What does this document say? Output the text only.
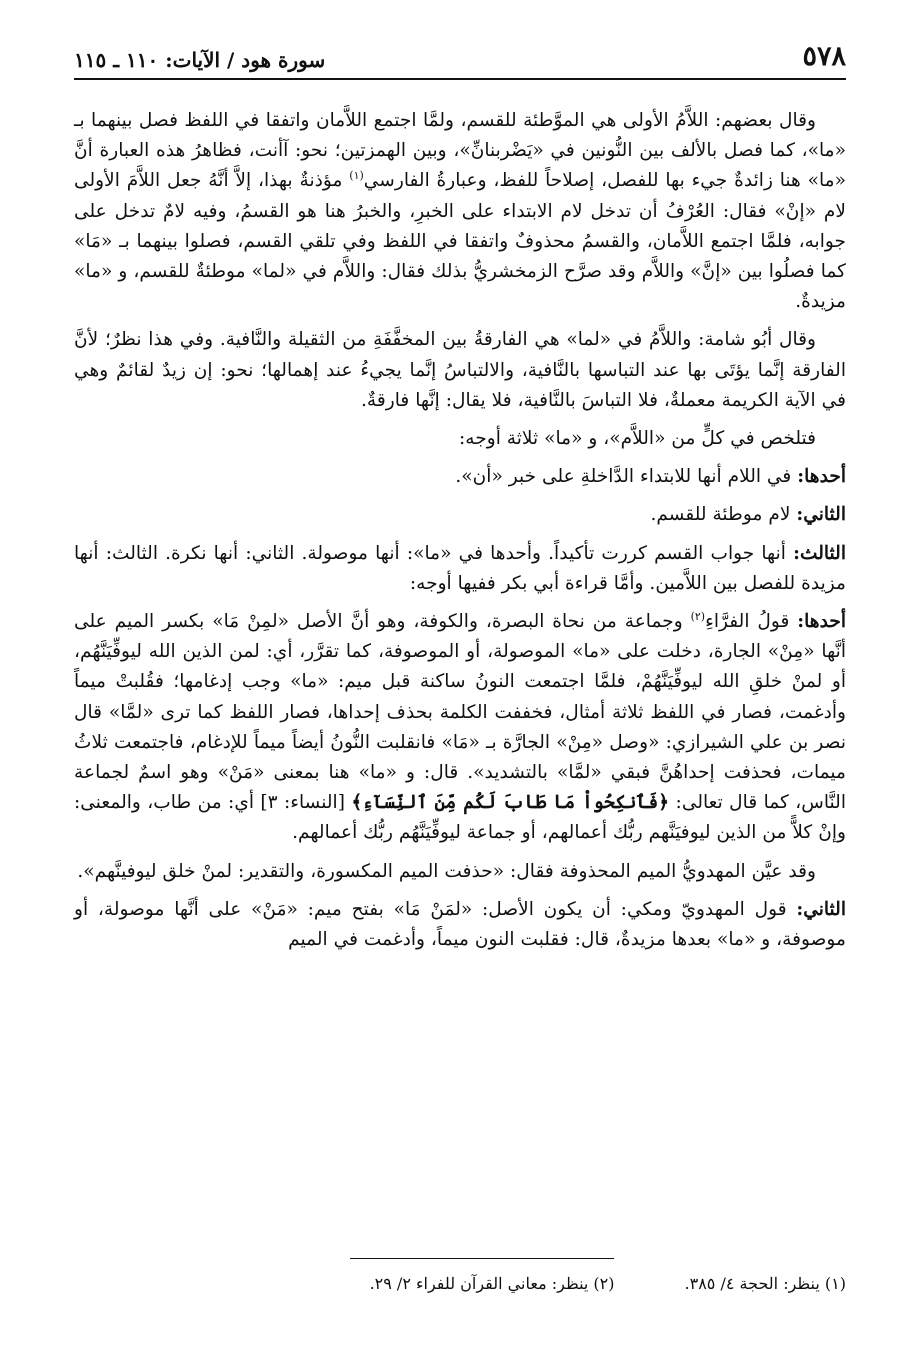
٥٧٨
سورة هود / الآيات: ١١٠ ـ ١١٥

وقال بعضهم: اللاَّمُ الأولى هي الموَّطئة للقسم، ولمَّا اجتمع اللاَّمان واتفقا في اللفظ فصل بينهما بـ «ما»، كما فصل بالألف بين النُّونين في «يَضْربنانِّ»، وبين الهمزتين؛ نحو: آأنت، فظاهرُ هذه العبارة أنَّ «ما» هنا زائدةٌ جيء بها للفصل، إصلاحاً للفظ، وعبارةُ الفارسي$^{(١)}$ مؤذنةٌ بهذا، إلاَّ أنَّهُ جعل اللاَّمَ الأولى لام «إنْ» فقال: العُرْفُ أن تدخل لام الابتداء على الخبرِ، والخبرُ هنا هو القسمُ، وفيه لامٌ تدخل على جوابه، فلمَّا اجتمع اللاَّمان، والقسمُ محذوفٌ واتفقا في اللفظ وفي تلقي القسم، فصلوا بينهما بـ «مَا» كما فصلُوا بين «إنَّ» واللاَّم وقد صرَّح الزمخشريُّ بذلك فقال: واللاَّم في «لما» موطئةٌ للقسم، و «ما» مزيدةٌ.

وقال أبُو شامة: واللاَّمُ في «لما» هي الفارقةُ بين المخفَّفَةِ من الثقيلة والنَّافية. وفي هذا نظرٌ؛ لأنَّ الفارقة إنَّما يؤتَى بها عند التباسها بالنَّافية، والالتباسُ إنَّما يجيءُ عند إهمالها؛ نحو: إن زيدٌ لقائمٌ وهي في الآية الكريمة معملةٌ، فلا التباسَ بالنَّافية، فلا يقال: إنَّها فارقةٌ.

فتلخص في كلٍّ من «اللاَّم»، و «ما» ثلاثة أوجه:

أحدها: في اللام أنها للابتداء الدَّاخلةِ على خبر «أن».

الثاني: لام موطئة للقسم.

الثالث: أنها جواب القسم كررت تأكيداً. وأحدها في «ما»: أنها موصولة. الثاني: أنها نكرة. الثالث: أنها مزيدة للفصل بين اللاَّمين. وأمَّا قراءة أبي بكر ففيها أوجه:

أحدها: قولُ الفرَّاءِ$^{(٢)}$ وجماعة من نحاة البصرة، والكوفة، وهو أنَّ الأصل «لمِنْ مَا» بكسر الميم على أنَّها «مِنْ» الجارة، دخلت على «ما» الموصولة، أو الموصوفة، كما تقرَّر، أي: لمن الذين الله ليوفِّيَنَّهُم، أو لمنْ خلقِ الله ليوفِّيَنَّهُمْ، فلمَّا اجتمعت النونُ ساكنة قبل ميم: «ما» وجب إدغامها؛ فقُلبتْ ميماً وأدغمت، فصار في اللفظ ثلاثة أمثال، فخففت الكلمة بحذف إحداها، فصار اللفظ كما ترى «لمَّا» قال نصر بن علي الشيرازي: «وصل «مِنْ» الجارَّة بـ «مَا» فانقلبت النُّونُ أيضاً ميماً للإدغام، فاجتمعت ثلاثُ ميمات، فحذفت إحداهُنَّ فبقي «لمَّا» بالتشديد». قال: و «ما» هنا بمعنى «مَنْ» وهو اسمٌ لجماعة النَّاس، كما قال تعالى: ﴿فَٱنكِحُواْ مَا طَابَ لَكُم مِّنَ ٱلنِّسَآءِ﴾ [النساء: ٣] أي: من طاب، والمعنى: وإنْ كلاًّ من الذين ليوفيَنَّهم ربُّك أعمالهم، أو جماعة ليوفِّيَنَّهُم ربُّك أعمالهم.

وقد عيَّن المهدويُّ الميم المحذوفة فقال: «حذفت الميم المكسورة، والتقدير: لمنْ خلق ليوفينَّهم».

الثاني: قول المهدويّ ومكي: أن يكون الأصل: «لمَنْ مَا» بفتح ميم: «مَنْ» على أنَّها موصولة، أو موصوفة، و «ما» بعدها مزيدةٌ، قال: فقلبت النون ميماً، وأدغمت في الميم

(١) ينظر: الحجة ٤/ ٣٨٥.
(٢) ينظر: معاني القرآن للفراء ٢/ ٢٩.
